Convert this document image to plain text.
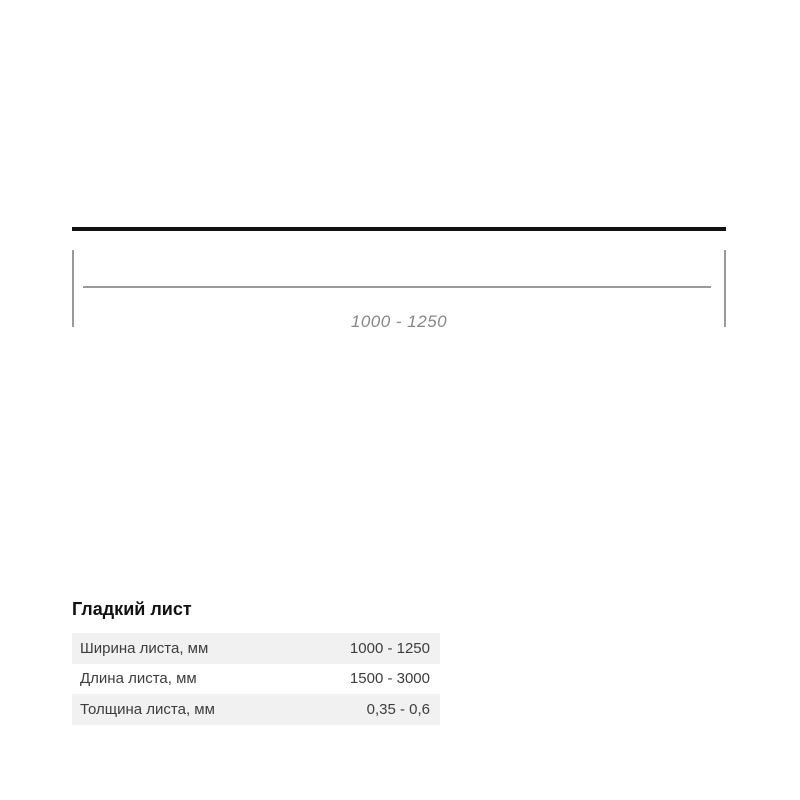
1000 - 1250
Гладкий лист
Ширина листа, мм	1000 - 1250
Длина листа, мм	1500 - 3000
Толщина листа, мм	0,35 - 0,6
